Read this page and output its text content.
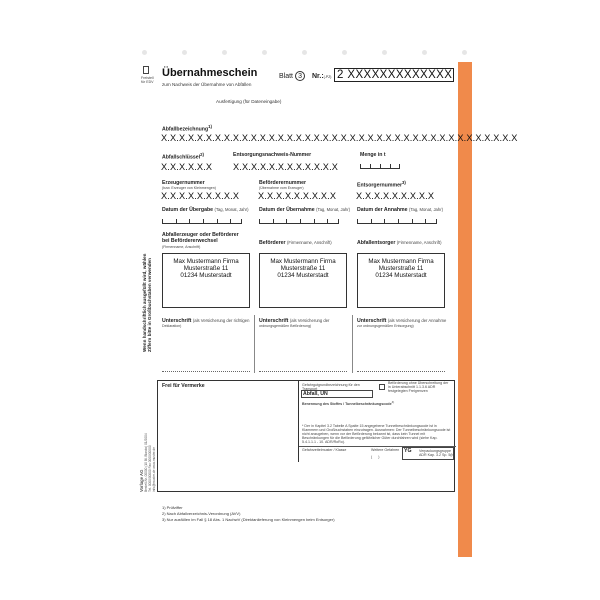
Freistell
für EDV
Übernahmeschein
zum Nachweis der Übernahme von Abfällen
Blatt 3	Nr.:(-PZ) 2 XXXXXXXXXXXXX
Ausfertigung (für Dateneingabe)
Abfallbezeichnung$^{1)}$
X.X.X.X.X.X.X.X.X.X.X.X.X.X.X.X.X.X.X.X.X.X.X.X.X.X.X.X.X.X.X.X.X.X.X.X.X.X.X.X
Abfallschlüssel$^{2)}$
X.X.X.X.X.X
Entsorgungsnachweis-Nummer
X.X.X.X.X.X.X.X.X.X.X.X
Menge in t
Erzeugernummer
(bzw. Erzeuger von Kleinmengen)
X.X.X.X.X.X.X.X.X
Beförderernummer
(Übernahme vom Erzeuger)
X.X.X.X.X.X.X.X.X
Entsorgernummer$^{3)}$
X.X.X.X.X.X.X.X.X
Datum der Übergabe (Tag, Monat, Jahr) Datum der Übernahme (Tag, Monat, Jahr) Datum der Annahme (Tag, Monat, Jahr)
Abfallerzeuger oder Beförderer
bei Befördererwechsel
(Firmenname, Anschrift)
Beförderer (Firmenname, Anschrift)	Abfallentsorger (Firmenname, Anschrift)
Max Mustermann Firma
Musterstraße 11
01234 Musterstadt
Max Mustermann Firma
Musterstraße 11
01234 Musterstadt
Max Mustermann Firma
Musterstraße 11
01234 Musterstadt
Unterschrift (als Versicherung der richtigen
Deklaration)
Unterschrift (als Versicherung der
ordnungsgemäßen Beförderung)
Unterschrift (als Versicherung der Annahme
zur ordnungsgemäßen Entsorgung)
Wenn handschriftlich ausgefüllt wird, wählen Ziffern bitte in Großbuchstaben verwenden
Vorlage AG Bestell-Nr. 00000 (10 Bl. Blanko) 01/2004 Tel. 0000/00000 Fax 0000/00000 info@muster.de www.muster.de
Frei für Vermerke	Gefahrgutgrundbezeichnung für den Transport
Beförderung ohne Überschreitung der in Unterabschnitt 1.1.3.6 ADR festgelegten Freigrenzen
Abfall, UN
Benennung des Stoffes / Tunnelbeschränkungscode$^{4)}$
* Der in Kapitel 3.2 Tabelle A Spalte 15 angegebene Tunnelbeschränkungscode ist in Klammern und Großbuchstaben einzutragen. Ausnahmen: Der Tunnelbeschränkungscode ist nicht anzugeben, wenn vor der Beförderung bekannt ist, dass kein Tunnel mit Beschränkungen für die Beförderung gefährlicher Güter durchfahren wird (siehe Kap. 5.4.1.1.1 - 10. ADR/RoRo).
Gefahrzettelmuster / Klasse	Weitere Gefahren
(      )
YG Verpackungsgruppe
ADR Kap. 3.2 Sp. 5(b)
1) Prüfziffer
2) Nach Abfallverzeichnis-Verordnung (AVV)
3) Nur ausfüllen im Fall § 18 Abs. 1 NachwV (Direktanlieferung von Kleinmengen beim Entsorger)
